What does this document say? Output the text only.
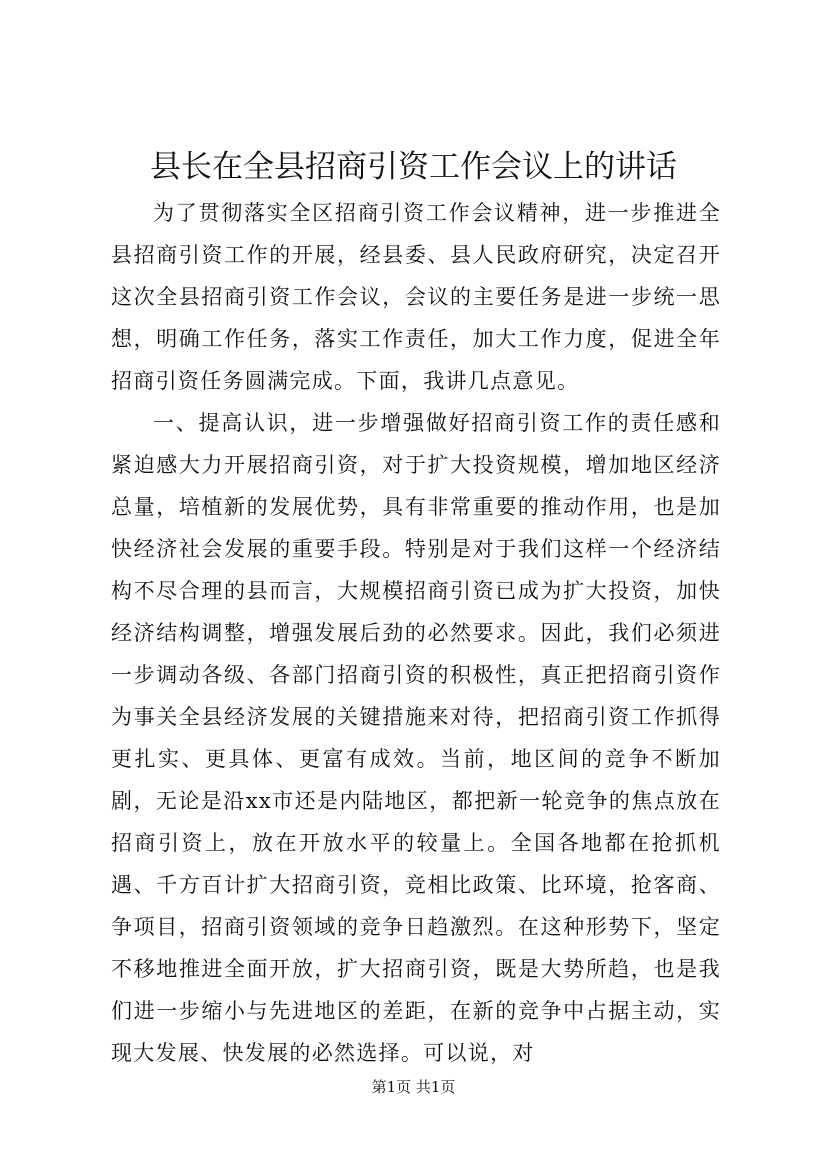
县长在全县招商引资工作会议上的讲话

为了贯彻落实全区招商引资工作会议精神，进一步推进全县招商引资工作的开展，经县委、县人民政府研究，决定召开这次全县招商引资工作会议，会议的主要任务是进一步统一思想，明确工作任务，落实工作责任，加大工作力度，促进全年招商引资任务圆满完成。下面，我讲几点意见。

一、提高认识，进一步增强做好招商引资工作的责任感和紧迫感大力开展招商引资，对于扩大投资规模，增加地区经济总量，培植新的发展优势，具有非常重要的推动作用，也是加快经济社会发展的重要手段。特别是对于我们这样一个经济结构不尽合理的县而言，大规模招商引资已成为扩大投资，加快经济结构调整，增强发展后劲的必然要求。因此，我们必须进一步调动各级、各部门招商引资的积极性，真正把招商引资作为事关全县经济发展的关键措施来对待，把招商引资工作抓得更扎实、更具体、更富有成效。当前，地区间的竞争不断加剧，无论是沿xx市还是内陆地区，都把新一轮竞争的焦点放在招商引资上，放在开放水平的较量上。全国各地都在抢抓机遇、千方百计扩大招商引资，竞相比政策、比环境，抢客商、争项目，招商引资领域的竞争日趋激烈。在这种形势下，坚定不移地推进全面开放，扩大招商引资，既是大势所趋，也是我们进一步缩小与先进地区的差距，在新的竞争中占据主动，实现大发展、快发展的必然选择。可以说，对

第1页 共1页
